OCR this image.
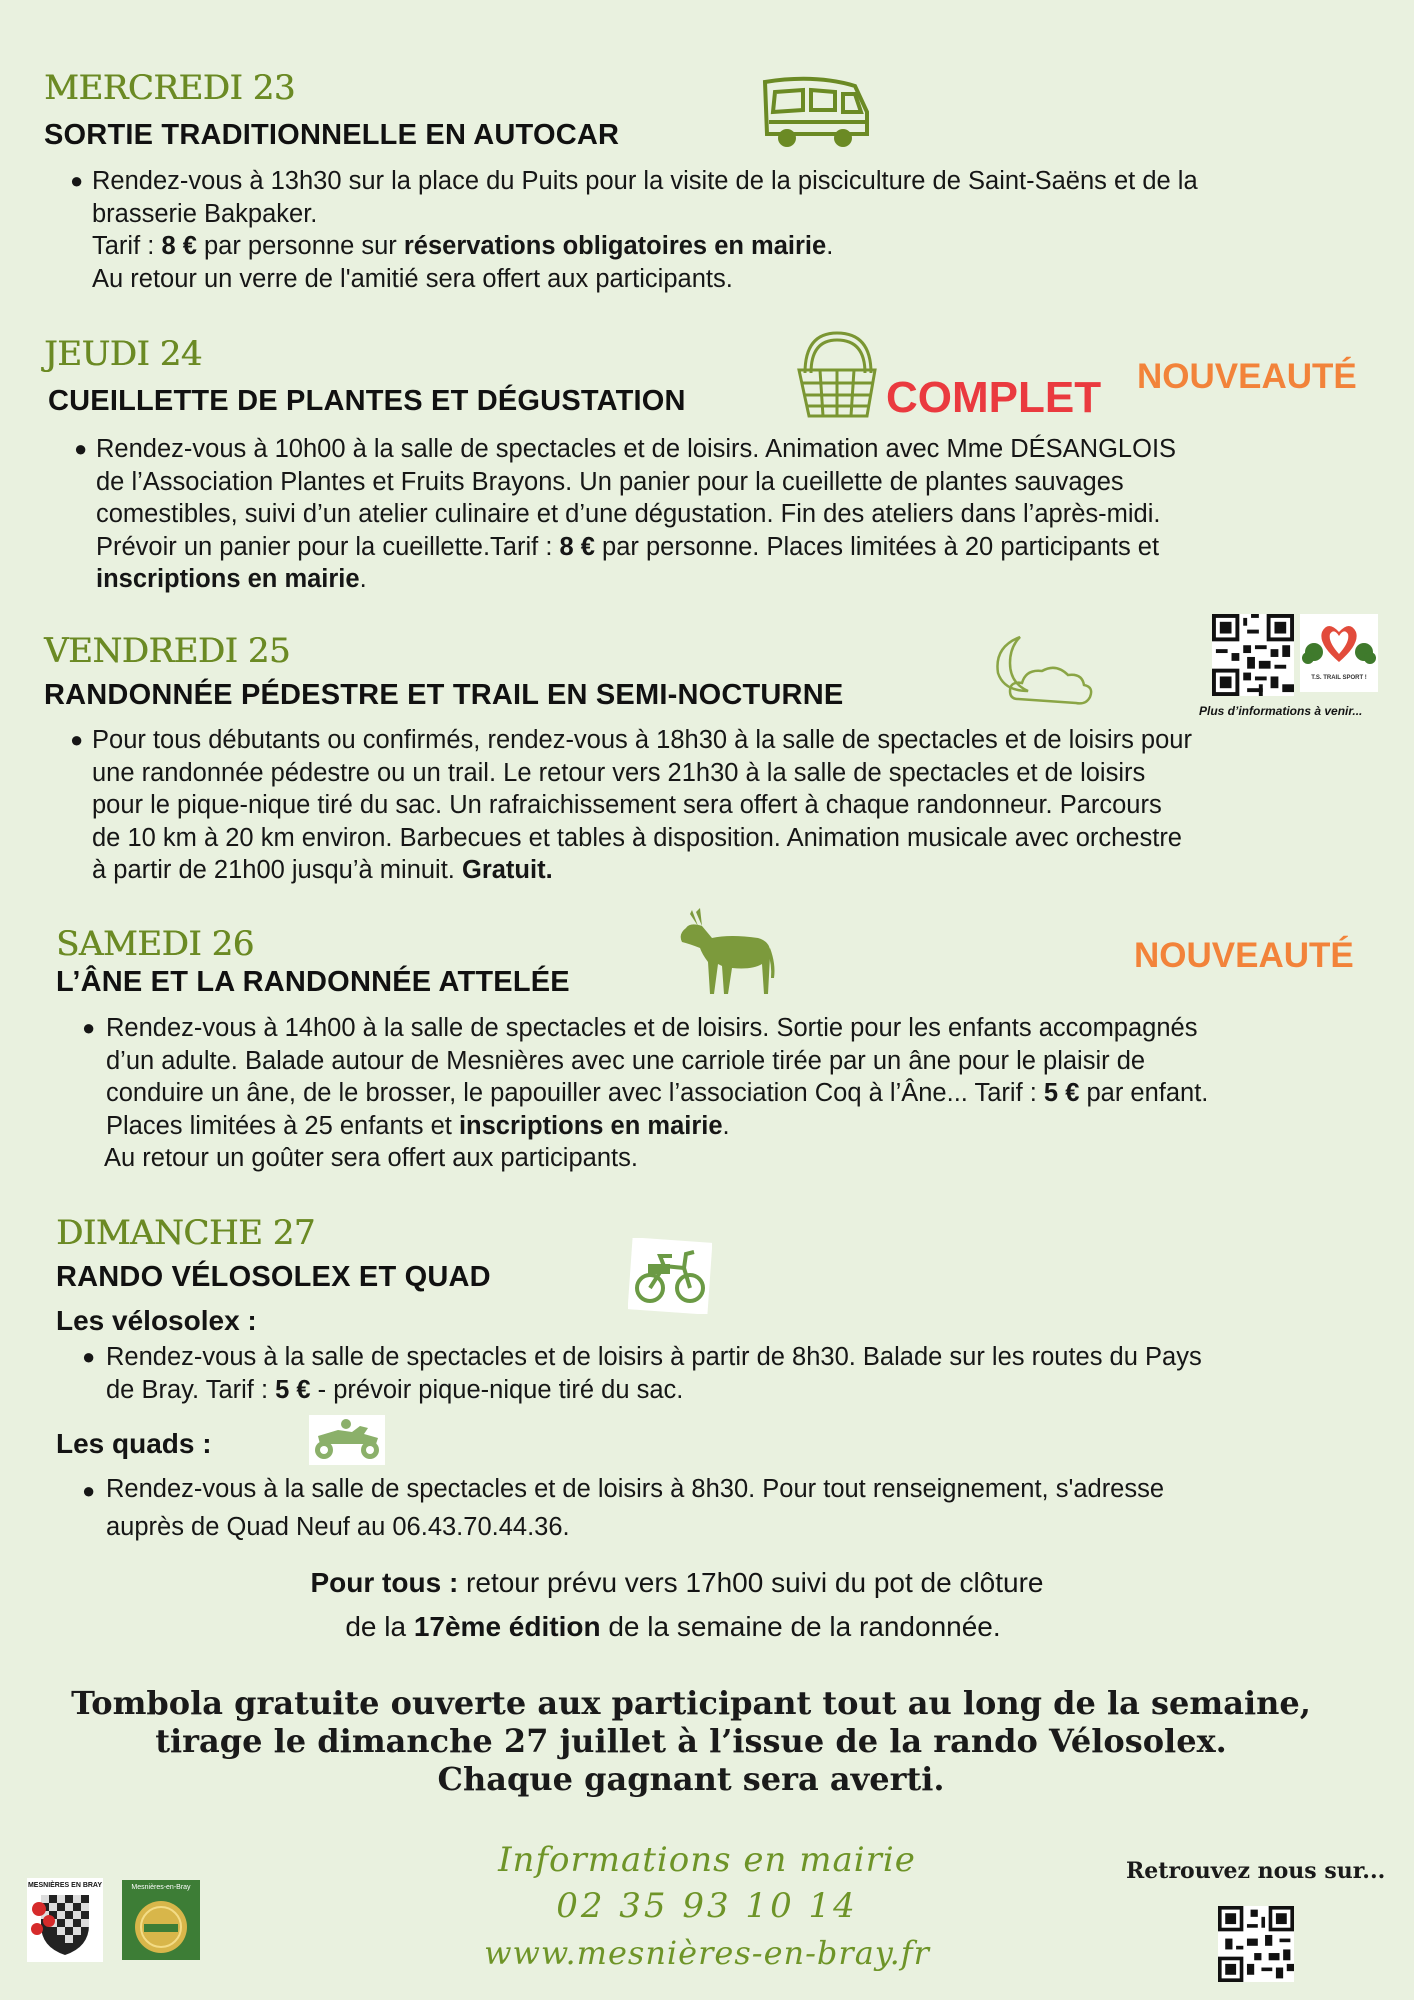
MERCREDI 23
SORTIE TRADITIONNELLE EN AUTOCAR
● Rendez-vous à 13h30 sur la place du Puits pour la visite de la pisciculture de Saint-Saëns et de la
brasserie Bakpaker.
Tarif : 8 € par personne sur réservations obligatoires en mairie.
Au retour un verre de l'amitié sera offert aux participants.
JEUDI 24
CUEILLETTE DE PLANTES ET DÉGUSTATION	COMPLET NOUVEAUTÉ
● Rendez-vous à 10h00 à la salle de spectacles et de loisirs. Animation avec Mme DÉSANGLOIS
de l’Association Plantes et Fruits Brayons. Un panier pour la cueillette de plantes sauvages
comestibles, suivi d’un atelier culinaire et d’une dégustation. Fin des ateliers dans l’après-midi.
Prévoir un panier pour la cueillette.Tarif : 8 € par personne. Places limitées à 20 participants et
inscriptions en mairie.
VENDREDI 25
RANDONNÉE PÉDESTRE ET TRAIL EN SEMI-NOCTURNE
T.S. TRAIL SPORT !
Plus d’informations à venir...
● Pour tous débutants ou confirmés, rendez-vous à 18h30 à la salle de spectacles et de loisirs pour
une randonnée pédestre ou un trail. Le retour vers 21h30 à la salle de spectacles et de loisirs
pour le pique-nique tiré du sac. Un rafraichissement sera offert à chaque randonneur. Parcours
de 10 km à 20 km environ. Barbecues et tables à disposition. Animation musicale avec orchestre
à partir de 21h00 jusqu’à minuit. Gratuit.
SAMEDI 26
L’ÂNE ET LA RANDONNÉE ATTELÉE
NOUVEAUTÉ
● Rendez-vous à 14h00 à la salle de spectacles et de loisirs. Sortie pour les enfants accompagnés
d’un adulte. Balade autour de Mesnières avec une carriole tirée par un âne pour le plaisir de
conduire un âne, de le brosser, le papouiller avec l’association Coq à l’Âne... Tarif : 5 € par enfant.
Places limitées à 25 enfants et inscriptions en mairie.
Au retour un goûter sera offert aux participants.
DIMANCHE 27
RANDO VÉLOSOLEX ET QUAD
Les vélosolex :
● Rendez-vous à la salle de spectacles et de loisirs à partir de 8h30. Balade sur les routes du Pays
de Bray. Tarif : 5 € - prévoir pique-nique tiré du sac.
Les quads :
● Rendez-vous à la salle de spectacles et de loisirs à 8h30. Pour tout renseignement, s'adresse
auprès de Quad Neuf au 06.43.70.44.36.
Pour tous : retour prévu vers 17h00 suivi du pot de clôture
de la 17ème édition de la semaine de la randonnée.
Tombola gratuite ouverte aux participant tout au long de la semaine,
tirage le dimanche 27 juillet à l’issue de la rando Vélosolex.
Chaque gagnant sera averti.
MESNIÈRES EN BRAY	Mesnières-en-Bray
Informations en mairie
02 35 93 10 14
www.mesnières-en-bray.fr
Retrouvez nous sur...
